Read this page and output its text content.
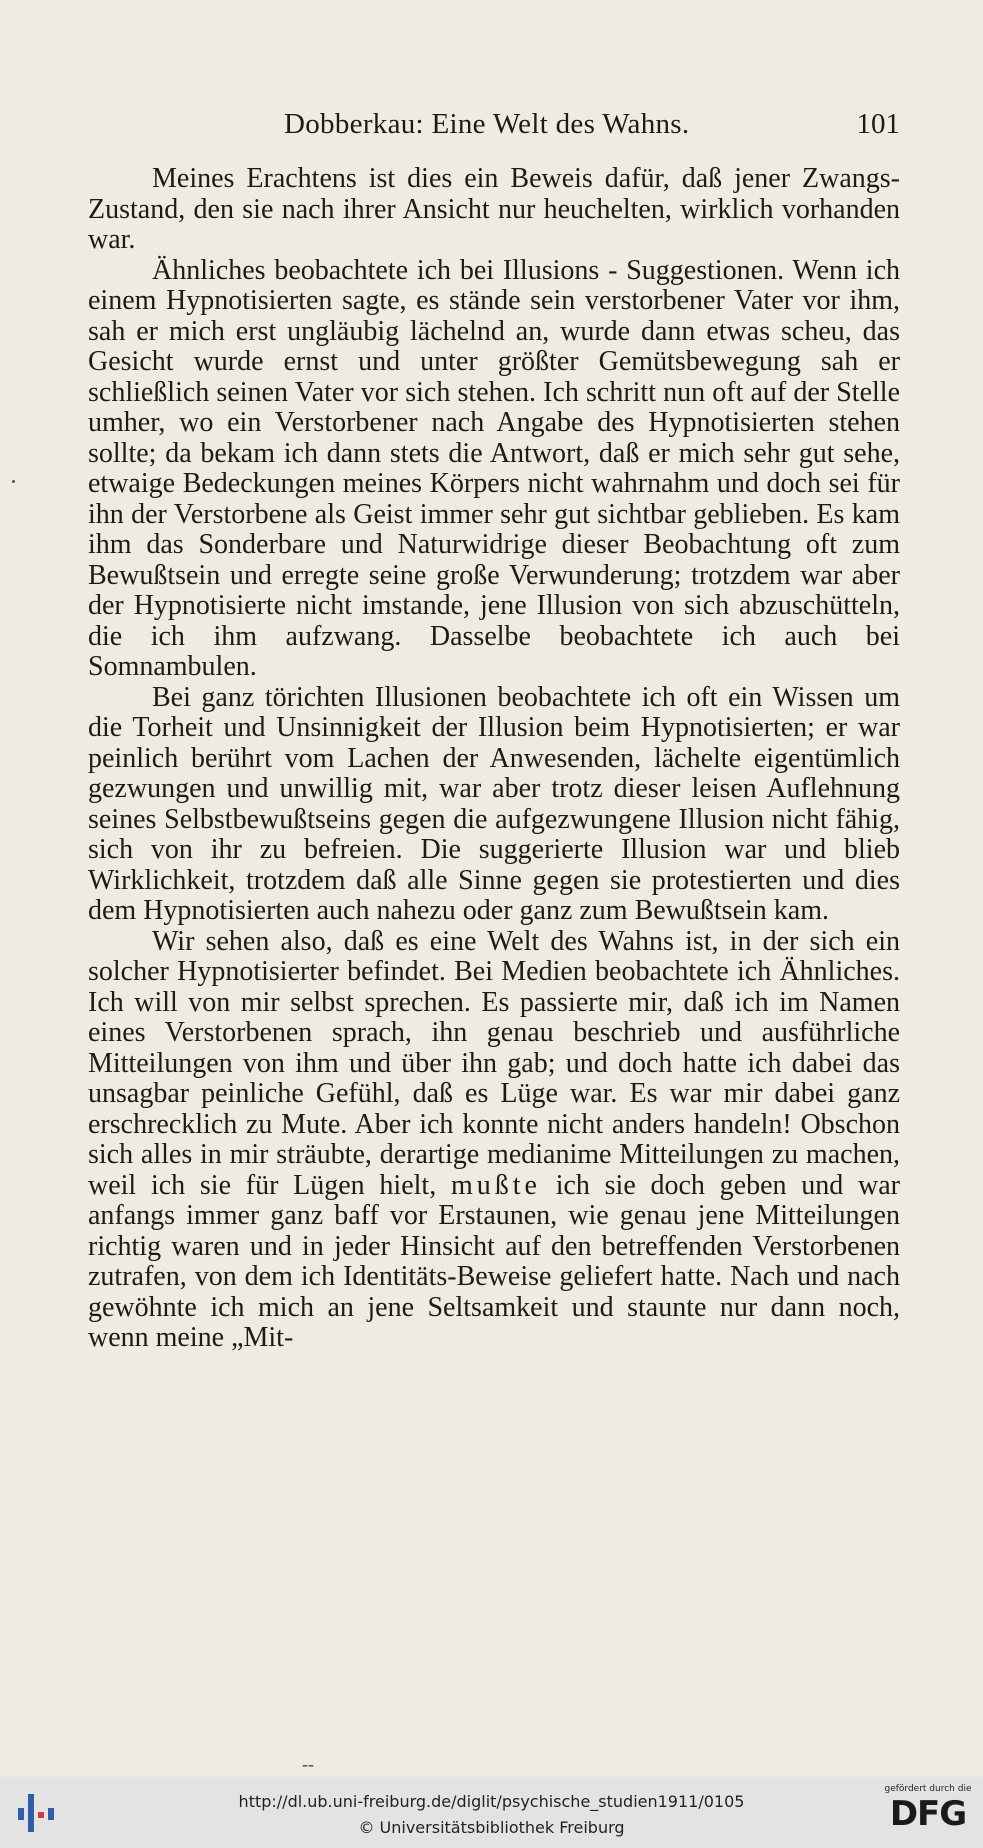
Dobberkau: Eine Welt des Wahns.	101

Meines Erachtens ist dies ein Beweis dafür, daß jener Zwangs-Zustand, den sie nach ihrer Ansicht nur heuchelten, wirklich vorhanden war.

Ähnliches beobachtete ich bei Illusions - Suggestionen. Wenn ich einem Hypnotisierten sagte, es stände sein verstorbener Vater vor ihm, sah er mich erst ungläubig lächelnd an, wurde dann etwas scheu, das Gesicht wurde ernst und unter größter Gemütsbewegung sah er schließlich seinen Vater vor sich stehen. Ich schritt nun oft auf der Stelle umher, wo ein Verstorbener nach Angabe des Hypnotisierten stehen sollte; da bekam ich dann stets die Antwort, daß er mich sehr gut sehe, etwaige Bedeckungen meines Körpers nicht wahrnahm und doch sei für ihn der Verstorbene als Geist immer sehr gut sichtbar geblieben. Es kam ihm das Sonderbare und Naturwidrige dieser Beobachtung oft zum Bewußtsein und erregte seine große Verwunderung; trotzdem war aber der Hypnotisierte nicht imstande, jene Illusion von sich abzuschütteln, die ich ihm aufzwang. Dasselbe beobachtete ich auch bei Somnambulen.

Bei ganz törichten Illusionen beobachtete ich oft ein Wissen um die Torheit und Unsinnigkeit der Illusion beim Hypnotisierten; er war peinlich berührt vom Lachen der Anwesenden, lächelte eigentümlich gezwungen und unwillig mit, war aber trotz dieser leisen Auflehnung seines Selbstbewußtseins gegen die aufgezwungene Illusion nicht fähig, sich von ihr zu befreien. Die suggerierte Illusion war und blieb Wirklichkeit, trotzdem daß alle Sinne gegen sie protestierten und dies dem Hypnotisierten auch nahezu oder ganz zum Bewußtsein kam.

Wir sehen also, daß es eine Welt des Wahns ist, in der sich ein solcher Hypnotisierter befindet. Bei Medien beobachtete ich Ähnliches. Ich will von mir selbst sprechen. Es passierte mir, daß ich im Namen eines Verstorbenen sprach, ihn genau beschrieb und ausführliche Mitteilungen von ihm und über ihn gab; und doch hatte ich dabei das unsagbar peinliche Gefühl, daß es Lüge war. Es war mir dabei ganz erschrecklich zu Mute. Aber ich konnte nicht anders handeln! Obschon sich alles in mir sträubte, derartige medianime Mitteilungen zu machen, weil ich sie für Lügen hielt, mußte ich sie doch geben und war anfangs immer ganz baff vor Erstaunen, wie genau jene Mitteilungen richtig waren und in jeder Hinsicht auf den betreffenden Verstorbenen zutrafen, von dem ich Identitäts-Beweise geliefert hatte. Nach und nach gewöhnte ich mich an jene Seltsamkeit und staunte nur dann noch, wenn meine „Mit-

--
http://dl.ub.uni-freiburg.de/diglit/psychische_studien1911/0105
© Universitätsbibliothek Freiburg
gefördert durch die
DFG
